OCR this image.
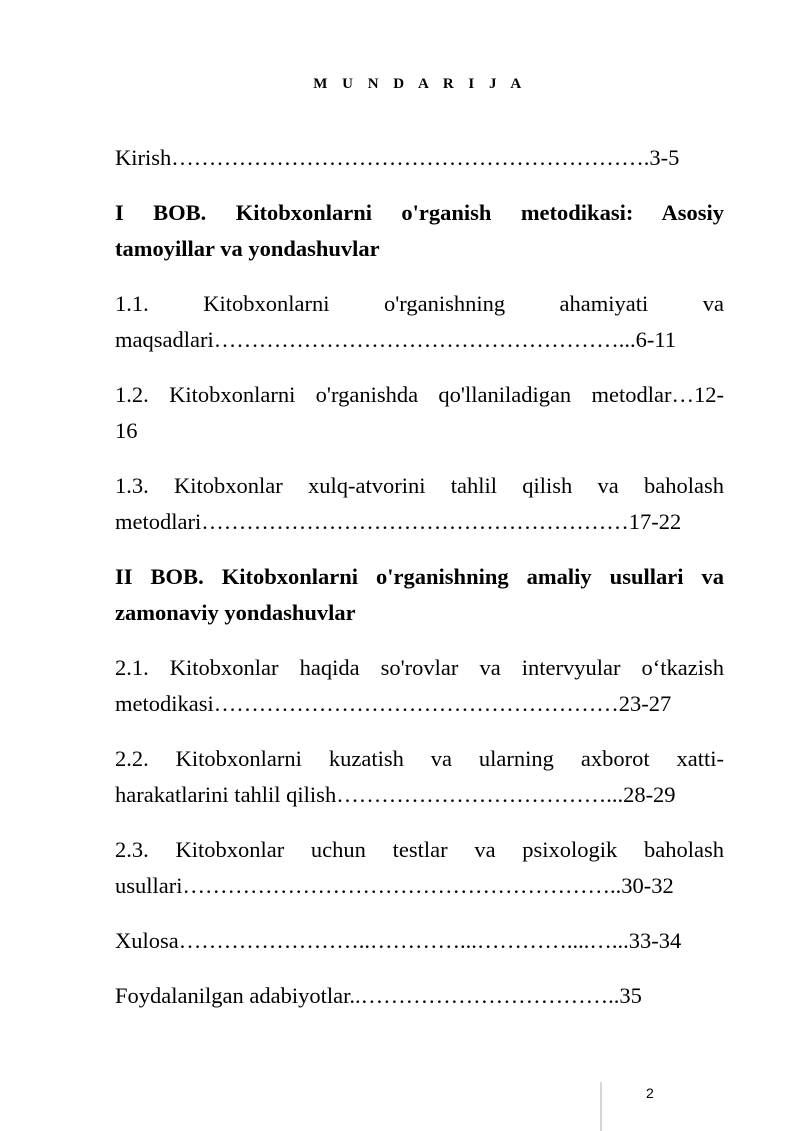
M U N D A R I J A
Kirish……………………………………………………….3-5
I BOB. Kitobxonlarni o'rganish metodikasi: Asosiy
tamoyillar va yondashuvlar
1.1. Kitobxonlarni o'rganishning ahamiyati va
maqsadlari………………………………………………...6-11
1.2. Kitobxonlarni o'rganishda qo'llaniladigan metodlar…12-
16
1.3. Kitobxonlar xulq-atvorini tahlil qilish va baholash
metodlari…………………………………………………17-22
II BOB. Kitobxonlarni o'rganishning amaliy usullari va
zamonaviy yondashuvlar
2.1. Kitobxonlar haqida so'rovlar va intervyular o‘tkazish
metodikasi………………………………………………23-27
2.2. Kitobxonlarni kuzatish va ularning axborot xatti-
harakatlarini tahlil qilish………………………………...28-29
2.3. Kitobxonlar uchun testlar va psixologik baholash
usullari…………………………………………………..30-32
Xulosa……………………..…………...…………....…...33-34
Foydalanilgan adabiyotlar..……………………………..35
2
